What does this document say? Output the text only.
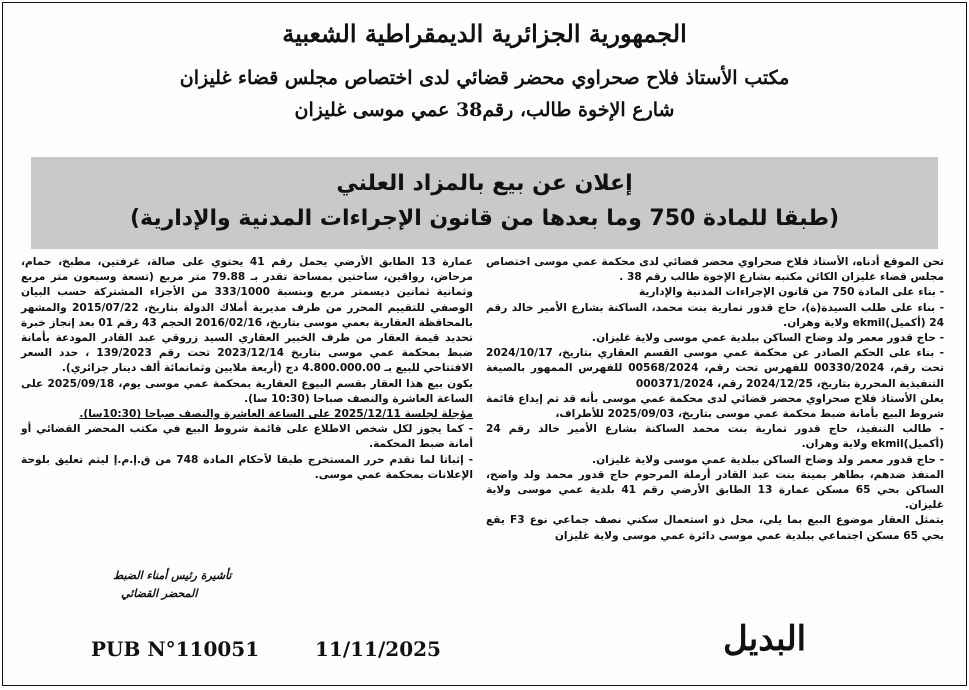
الجمهورية الجزائرية الديمقراطية الشعبية
مكتب الأستاذ فلاح صحراوي محضر قضائي لدى اختصاص مجلس قضاء غليزان
شارع الإخوة طالب، رقم38 عمي موسى غليزان
إعلان عن بيع بالمزاد العلني
(طبقا للمادة 750 وما بعدها من قانون الإجراءات المدنية والإدارية)

تحن الموقع أدناه، الأستاذ فلاح صحراوي محضر قضائي لدى محكمة عمي موسى اختصاص مجلس قضاء غليزان الكائن مكتبه بشارع الإخوة طالب رقم 38 .

- بناء على المادة 750 من قانون الإجراءات المدنية والإدارية

- بناء على طلب السيدة(ة)، حاج قدور تمارية بنت محمد، الساكنة بشارع الأمير خالد رقم 24 (أكميل)ekmil ولاية وهران.

- حاج قدور معمر ولد وضاح الساكن ببلدية عمي موسى ولاية غليزان.

- بناء على الحكم الصادر عن محكمة عمي موسى القسم العقاري بتاريخ، 2024/10/17 تحت رقم، 00330/2024 للفهرس تحت رقم، 00568/2024 للفهرس الممهور بالصيغة التنفيذية المحررة بتاريخ، 2024/12/25 رقم، 000371/2024

يعلن الأستاذ فلاح صحراوي محضر قضائي لدى محكمة عمي موسى بأنه قد تم إيداع قائمة شروط البيع بأمانة ضبط محكمة عمي موسى بتاريخ، 2025/09/03 للأطراف،

- طالب التنفيذ، حاج قدور تمارية بنت محمد الساكنة بشارع الأمير خالد رقم 24 (أكميل)ekmil ولاية وهران.

- حاج قدور معمر ولد وضاح الساكن ببلدية عمي موسى ولاية غليزان.

المنفذ ضدهم، بطاهر بمينة بنت عبد القادر أرملة المرحوم حاج قدور محمد ولد واضح، الساكن بحي 65 مسكن عمارة 13 الطابق الأرضي رقم 41 بلدية عمي موسى ولاية غليزان.

يتمثل العقار موضوع البيع بما يلي، محل ذو استعمال سكني نصف جماعي نوع F3 يقع بحي 65 مسكن اجتماعي ببلدية عمي موسى دائرة عمي موسى ولاية غليزان

عمارة 13 الطابق الأرضي يحمل رقم 41 يحتوي على صالة، غرفتين، مطبخ، حمام، مرحاض، رواقين، ساحتين بمساحة تقدر بـ 79.88 متر مربع (تسعة وسبعون متر مربع وثمانية ثمانين ديسمتر مربع وبنسبة 333/1000 من الأجزاء المشتركة حسب البيان الوصفي للتقييم المحرر من طرف مديرية أملاك الدولة بتاريخ، 2015/07/22 والمشهر بالمحافظة العقارية بعمي موسى بتاريخ، 2016/02/16 الحجم 43 رقم 01 بعد إنجاز خبرة تحديد قيمة العقار من طرف الخبير العقاري السيد زروقي عبد القادر المودعة بأمانة ضبط بمحكمة عمي موسى بتاريخ 2023/12/14 تحت رقم 139/2023 ، حدد السعر الافتتاحي للبيع بـ 4.800.000.00 دج (أربعة ملايين وثمانمائة ألف دينار جزائري).

يكون بيع هذا العقار بقسم البيوع العقارية بمحكمة عمي موسى يوم، 2025/09/18 على الساعة العاشرة والنصف صباحا (10:30 سا).

مؤجلة لجلسة 2025/12/11 على الساعة العاشرة والنصف صباحا (10:30سا).

- كما يجوز لكل شخص الاطلاع على قائمة شروط البيع في مكتب المحضر القضائي أو أمانة ضبط المحكمة.

- إثباتا لما تقدم حرر المستخرج طبقا لأحكام المادة 748 من ق.إ.م.إ ليتم تعليق بلوحة الإعلانات بمحكمة عمي موسى.

تأشيرة رئيس أمناء الضبط
المحضر القضائي
PUB N°110051	11/11/2025	البديل
